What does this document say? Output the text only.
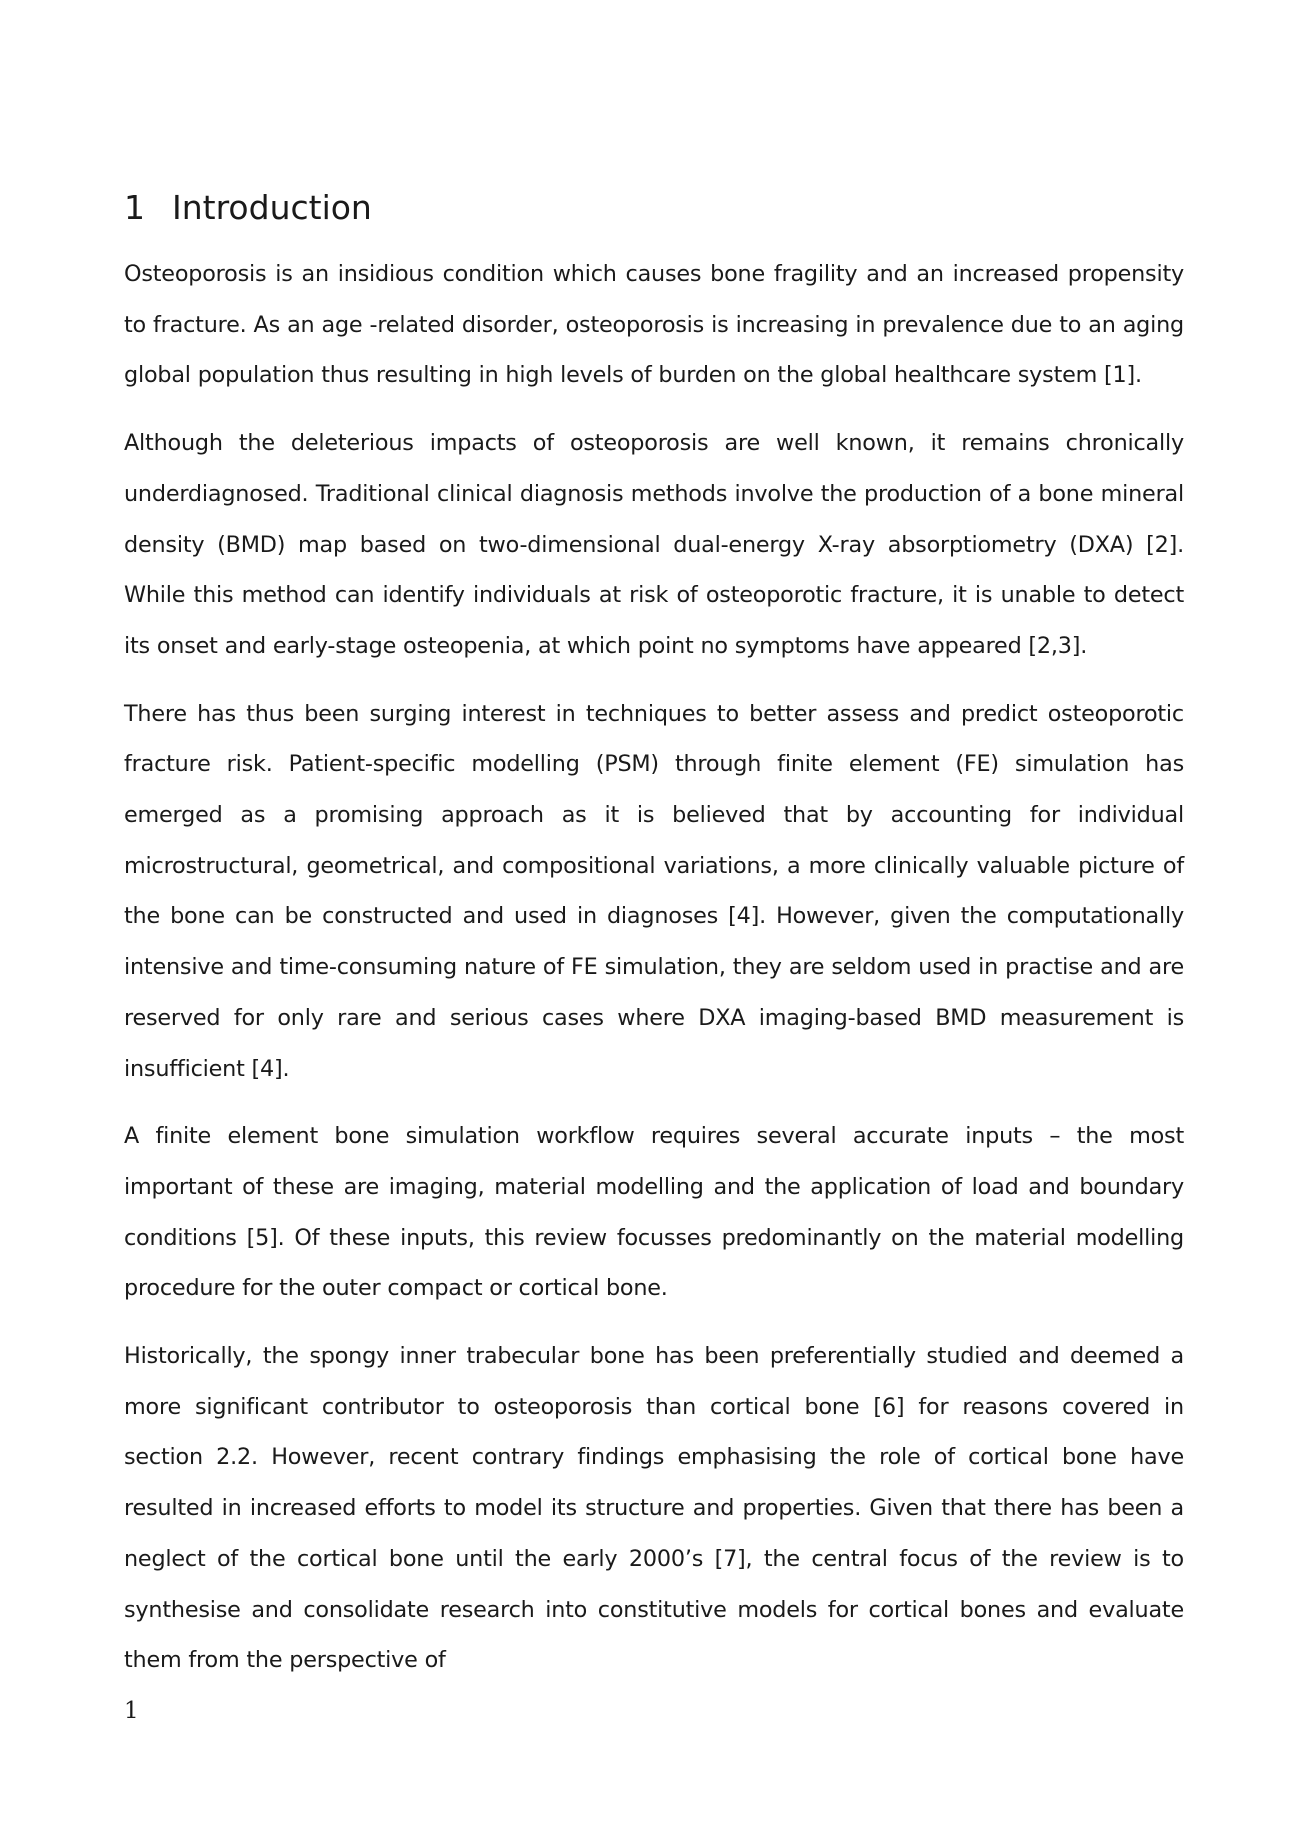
1 Introduction

Osteoporosis is an insidious condition which causes bone fragility and an increased propensity to fracture. As an age -related disorder, osteoporosis is increasing in prevalence due to an aging global population thus resulting in high levels of burden on the global healthcare system [1].

Although the deleterious impacts of osteoporosis are well known, it remains chronically underdiagnosed. Traditional clinical diagnosis methods involve the production of a bone mineral density (BMD) map based on two-dimensional dual-energy X-ray absorptiometry (DXA) [2]. While this method can identify individuals at risk of osteoporotic fracture, it is unable to detect its onset and early-stage osteopenia, at which point no symptoms have appeared [2,3].

There has thus been surging interest in techniques to better assess and predict osteoporotic fracture risk. Patient-specific modelling (PSM) through finite element (FE) simulation has emerged as a promising approach as it is believed that by accounting for individual microstructural, geometrical, and compositional variations, a more clinically valuable picture of the bone can be constructed and used in diagnoses [4]. However, given the computationally intensive and time-consuming nature of FE simulation, they are seldom used in practise and are reserved for only rare and serious cases where DXA imaging-based BMD measurement is insufficient [4].

A finite element bone simulation workflow requires several accurate inputs – the most important of these are imaging, material modelling and the application of load and boundary conditions [5]. Of these inputs, this review focusses predominantly on the material modelling procedure for the outer compact or cortical bone.

Historically, the spongy inner trabecular bone has been preferentially studied and deemed a more significant contributor to osteoporosis than cortical bone [6] for reasons covered in section 2.2. However, recent contrary findings emphasising the role of cortical bone have resulted in increased efforts to model its structure and properties. Given that there has been a neglect of the cortical bone until the early 2000’s [7], the central focus of the review is to synthesise and consolidate research into constitutive models for cortical bones and evaluate them from the perspective of

1
